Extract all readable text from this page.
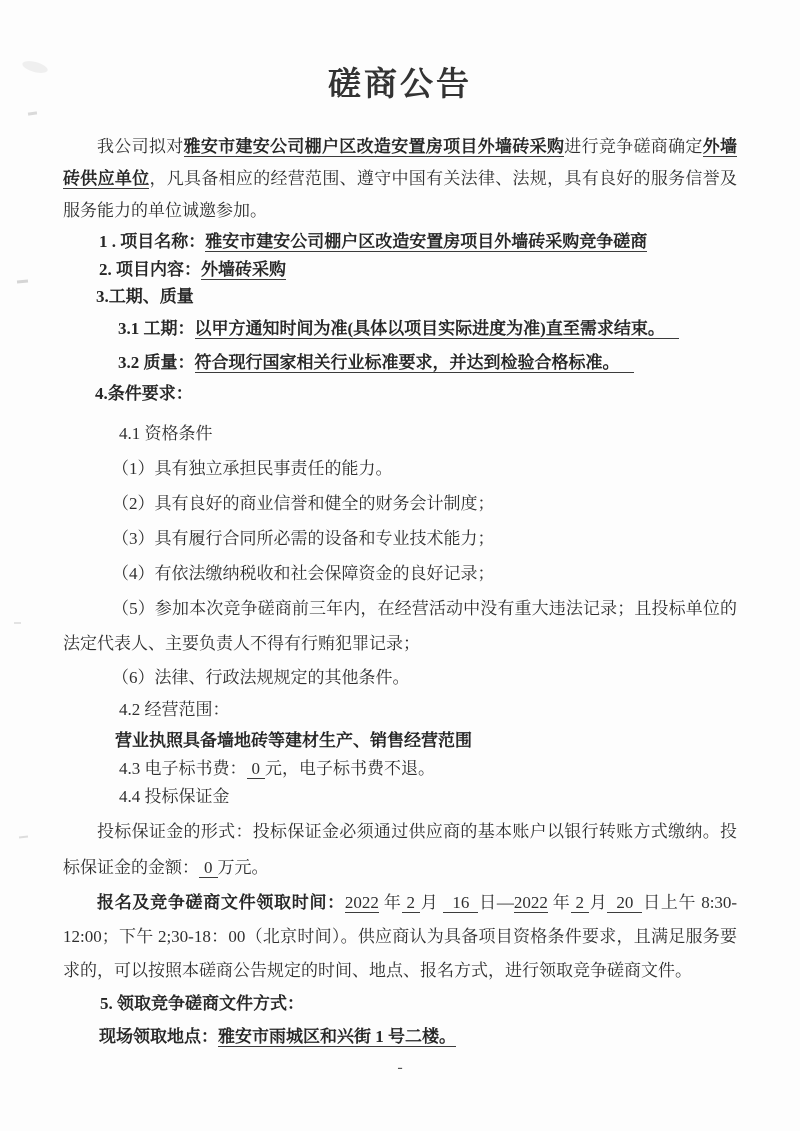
磋商公告

我公司拟对雅安市建安公司棚户区改造安置房项目外墙砖采购进行竞争磋商确定外墙砖供应单位，凡具备相应的经营范围、遵守中国有关法律、法规，具有良好的服务信誉及服务能力的单位诚邀参加。

1 . 项目名称：雅安市建安公司棚户区改造安置房项目外墙砖采购竞争磋商

2. 项目内容：外墙砖采购

3.工期、质量

3.1 工期：以甲方通知时间为准(具体以项目实际进度为准)直至需求结束。

3.2 质量：符合现行国家相关行业标准要求，并达到检验合格标准。

4.条件要求：

4.1 资格条件

（1）具有独立承担民事责任的能力。

（2）具有良好的商业信誉和健全的财务会计制度；

（3）具有履行合同所必需的设备和专业技术能力；

（4）有依法缴纳税收和社会保障资金的良好记录；

（5）参加本次竞争磋商前三年内，在经营活动中没有重大违法记录；且投标单位的法定代表人、主要负责人不得有行贿犯罪记录；

（6）法律、行政法规规定的其他条件。

4.2 经营范围：

营业执照具备墙地砖等建材生产、销售经营范围

4.3 电子标书费： 0 元，电子标书费不退。

4.4 投标保证金

投标保证金的形式：投标保证金必须通过供应商的基本账户以银行转账方式缴纳。投标保证金的金额： 0 万元。

报名及竞争磋商文件领取时间：2022 年 2 月 16 日—2022 年 2 月 20 日上午 8:30-12:00；下午 2;30-18：00（北京时间）。供应商认为具备项目资格条件要求，且满足服务要求的，可以按照本磋商公告规定的时间、地点、报名方式，进行领取竞争磋商文件。

5. 领取竞争磋商文件方式：

现场领取地点：雅安市雨城区和兴街 1 号二楼。

-
